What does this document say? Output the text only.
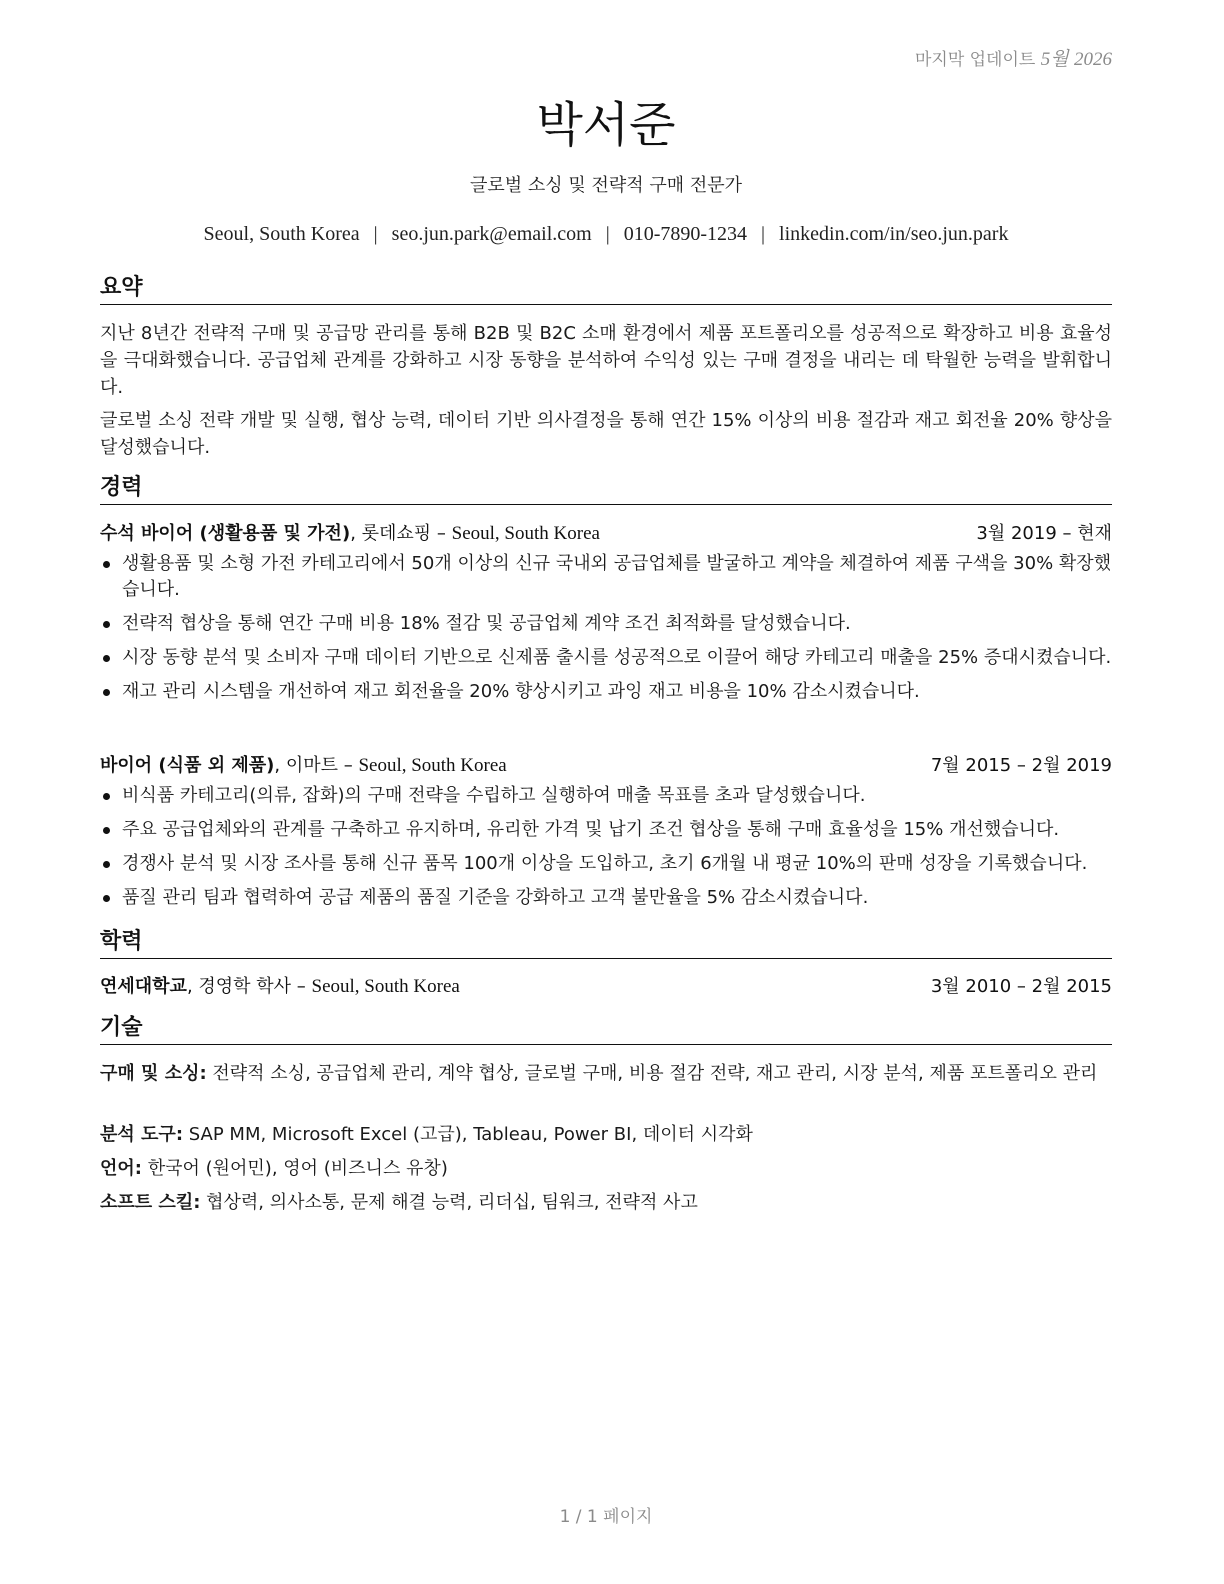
마지막 업데이트 5월 2026
박서준
글로벌 소싱 및 전략적 구매 전문가
Seoul, South Korea | seo.jun.park@email.com | 010-7890-1234 | linkedin.com/in/seo.jun.park
요약
지난 8년간 전략적 구매 및 공급망 관리를 통해 B2B 및 B2C 소매 환경에서 제품 포트폴리오를 성공적으로 확장하고 비용 효율성을 극대화했습니다. 공급업체 관계를 강화하고 시장 동향을 분석하여 수익성 있는 구매 결정을 내리는 데 탁월한 능력을 발휘합니다.
글로벌 소싱 전략 개발 및 실행, 협상 능력, 데이터 기반 의사결정을 통해 연간 15% 이상의 비용 절감과 재고 회전율 20% 향상을 달성했습니다.
경력
수석 바이어 (생활용품 및 가전), 롯데쇼핑 – Seoul, South Korea	3월 2019 – 현재
생활용품 및 소형 가전 카테고리에서 50개 이상의 신규 국내외 공급업체를 발굴하고 계약을 체결하여 제품 구색을 30% 확장했습니다.
전략적 협상을 통해 연간 구매 비용 18% 절감 및 공급업체 계약 조건 최적화를 달성했습니다.
시장 동향 분석 및 소비자 구매 데이터 기반으로 신제품 출시를 성공적으로 이끌어 해당 카테고리 매출을 25% 증대시켰습니다.
재고 관리 시스템을 개선하여 재고 회전율을 20% 향상시키고 과잉 재고 비용을 10% 감소시켰습니다.
바이어 (식품 외 제품), 이마트 – Seoul, South Korea	7월 2015 – 2월 2019
비식품 카테고리(의류, 잡화)의 구매 전략을 수립하고 실행하여 매출 목표를 초과 달성했습니다.
주요 공급업체와의 관계를 구축하고 유지하며, 유리한 가격 및 납기 조건 협상을 통해 구매 효율성을 15% 개선했습니다.
경쟁사 분석 및 시장 조사를 통해 신규 품목 100개 이상을 도입하고, 초기 6개월 내 평균 10%의 판매 성장을 기록했습니다.
품질 관리 팀과 협력하여 공급 제품의 품질 기준을 강화하고 고객 불만율을 5% 감소시켰습니다.
학력
연세대학교, 경영학 학사 – Seoul, South Korea	3월 2010 – 2월 2015
기술
구매 및 소싱: 전략적 소싱, 공급업체 관리, 계약 협상, 글로벌 구매, 비용 절감 전략, 재고 관리, 시장 분석, 제품 포트폴리오 관리
분석 도구: SAP MM, Microsoft Excel (고급), Tableau, Power BI, 데이터 시각화
언어: 한국어 (원어민), 영어 (비즈니스 유창)
소프트 스킬: 협상력, 의사소통, 문제 해결 능력, 리더십, 팀워크, 전략적 사고
1 / 1 페이지
